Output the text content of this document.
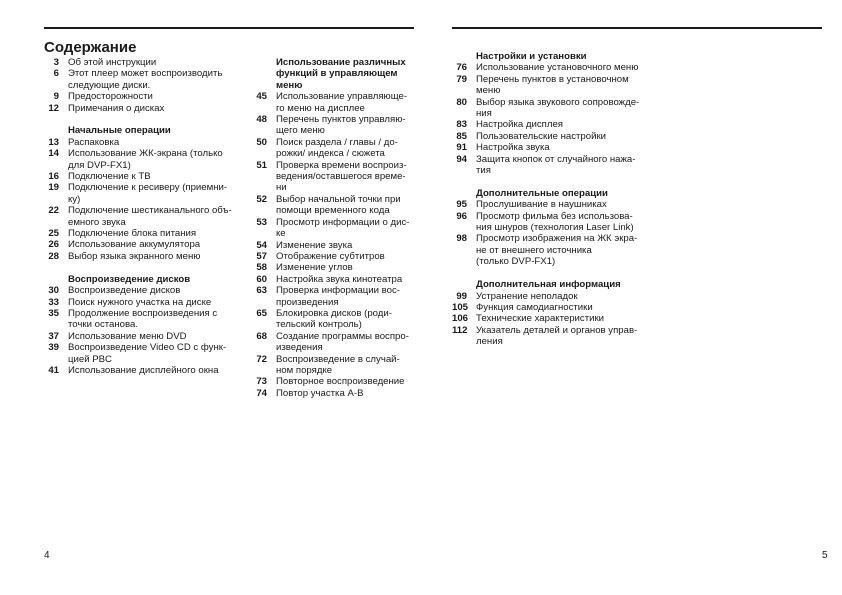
Содержание
3 Об этой инструкции
6 Этот плеер может воспроизводить
следующие диски.
9 Предосторожности
12 Примечания о дисках
Начальные операции
13 Распаковка
14 Использование ЖК-экрана (только
для DVP-FX1)
16 Подключение к ТВ
19 Подключение к ресиверу (приемни-
ку)
22 Подключение шестиканального объ-
емного звука
25 Подключение блока питания
26 Использование аккумулятора
28 Выбор языка экранного меню
Воспроизведение дисков
30 Воспроизведение дисков
33 Поиск нужного участка на диске
35 Продолжение воспроизведения с
точки останова.
37 Использование меню DVD
39 Воспроизведение Video CD с функ-
цией PBC
41 Использование дисплейного окна
Использование различных
функций в управляющем
меню
45 Использование управляюще-
го меню на дисплее
48 Перечень пунктов управляю-
щего меню
50 Поиск раздела / главы / до-
рожки/ индекса / сюжета
51 Проверка времени воспроиз-
ведения/оставшегося време-
ни
52 Выбор начальной точки при
помощи временного кода
53 Просмотр информации о дис-
ке
54 Изменение звука
57 Отображение субтитров
58 Изменение углов
60 Настройка звука кинотеатра
63 Проверка информации вос-
произведения
65 Блокировка дисков (роди-
тельский контроль)
68 Создание программы воспро-
изведения
72 Воспроизведение в случай-
ном порядке
73 Повторное воспроизведение
74 Повтор участка A-B
Настройки и установки
76 Использование установочного меню
79 Перечень пунктов в установочном
меню
80 Выбор языка звукового сопровожде-
ния
83 Настройка дисплея
85 Пользовательские настройки
91 Настройка звука
94 Защита кнопок от случайного нажа-
тия
Дополнительные операции
95 Прослушивание в наушниках
96 Просмотр фильма без использова-
ния шнуров (технология Laser Link)
98 Просмотр изображения на ЖК экра-
не от внешнего источника
(только DVP-FX1)
Дополнительная информация
99 Устранение неполадок
105 Функция самодиагностики
106 Технические характеристики
112 Указатель деталей и органов управ-
ления
4	5
